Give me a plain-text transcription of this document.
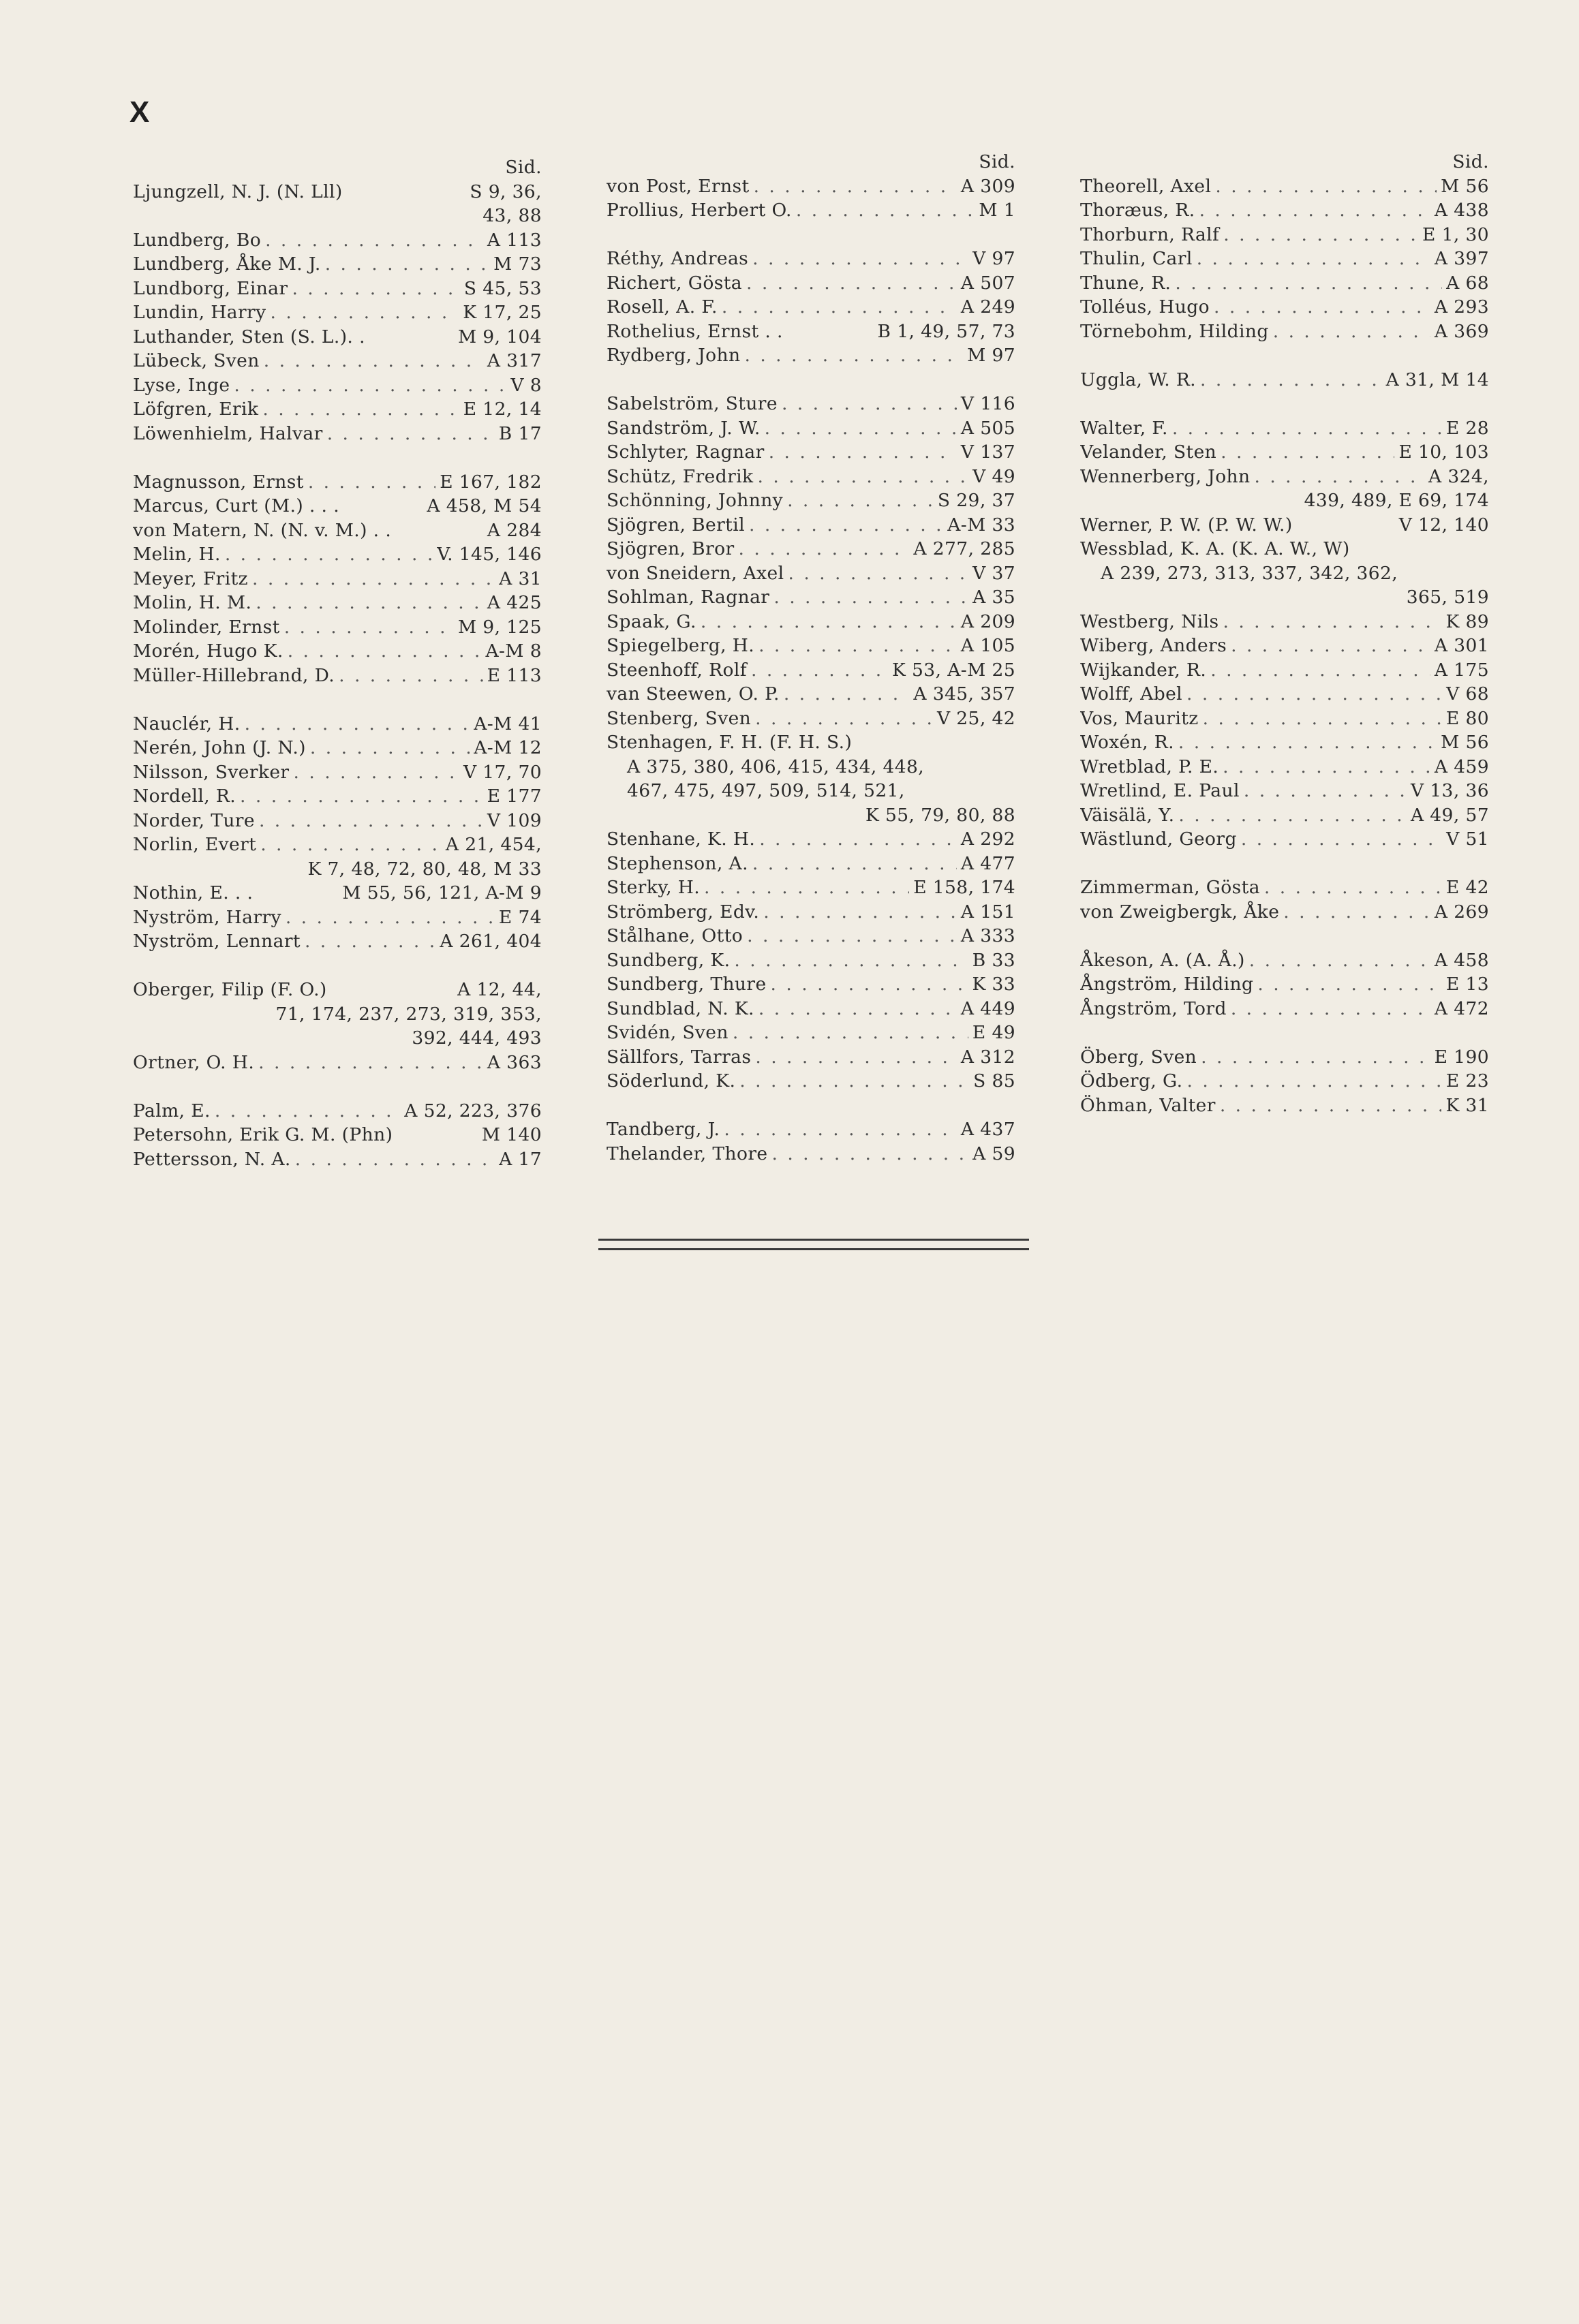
X
Sid.
Ljungzell, N. J. (N. Lll)	S 9, 36,
43, 88
Lundberg, Bo . . .	A 113
Lundberg, Åke M. J. . . .	M 73
Lundborg, Einar . . .	S 45, 53
Lundin, Harry . . .	K 17, 25
Luthander, Sten (S. L.). .	M 9, 104
Lübeck, Sven . . .	A 317
Lyse, Inge . . .	V 8
Löfgren, Erik . . .	E 12, 14
Löwenhielm, Halvar . . .	B 17
Magnusson, Ernst . . .	E 167, 182
Marcus, Curt (M.) . . .	A 458, M 54
von Matern, N. (N. v. M.) . .	A 284
Melin, H. . . .	V. 145, 146
Meyer, Fritz . . .	A 31
Molin, H. M. . . .	A 425
Molinder, Ernst . . .	M 9, 125
Morén, Hugo K. . . .	A-M 8
Müller-Hillebrand, D. . . .	E 113
Nauclér, H. . . .	A-M 41
Nerén, John (J. N.) . . .	A-M 12
Nilsson, Sverker . . .	V 17, 70
Nordell, R. . . .	E 177
Norder, Ture . . .	V 109
Norlin, Evert . . .	A 21, 454,
K 7, 48, 72, 80, 48, M 33
Nothin, E. . .	M 55, 56, 121, A-M 9
Nyström, Harry . . .	E 74
Nyström, Lennart . . .	A 261, 404
Oberger, Filip (F. O.)	A 12, 44,
71, 174, 237, 273, 319, 353,
392, 444, 493
Ortner, O. H. . . .	A 363
Palm, E. . . .	A 52, 223, 376
Petersohn, Erik G. M. (Phn)	M 140
Pettersson, N. A. . . .	A 17
Sid.
von Post, Ernst . . .	A 309
Prollius, Herbert O. . . .	M 1
Réthy, Andreas . . .	V 97
Richert, Gösta . . .	A 507
Rosell, A. F. . . .	A 249
Rothelius, Ernst . .	B 1, 49, 57, 73
Rydberg, John . . .	M 97
Sabelström, Sture . . .	V 116
Sandström, J. W. . . .	A 505
Schlyter, Ragnar . . .	V 137
Schütz, Fredrik . . .	V 49
Schönning, Johnny . . .	S 29, 37
Sjögren, Bertil . . .	A-M 33
Sjögren, Bror . . .	A 277, 285
von Sneidern, Axel . . .	V 37
Sohlman, Ragnar . . .	A 35
Spaak, G. . . .	A 209
Spiegelberg, H. . . .	A 105
Steenhoff, Rolf . . .	K 53, A-M 25
van Steewen, O. P. . . .	A 345, 357
Stenberg, Sven . . .	V 25, 42
Stenhagen, F. H. (F. H. S.)
A 375, 380, 406, 415, 434, 448,
467, 475, 497, 509, 514, 521,
K 55, 79, 80, 88
Stenhane, K. H. . . .	A 292
Stephenson, A. . . .	A 477
Sterky, H. . . .	E 158, 174
Strömberg, Edv. . . .	A 151
Stålhane, Otto . . .	A 333
Sundberg, K. . . .	B 33
Sundberg, Thure . . .	K 33
Sundblad, N. K. . . .	A 449
Svidén, Sven . . .	E 49
Sällfors, Tarras . . .	A 312
Söderlund, K. . . .	S 85
Tandberg, J. . . .	A 437
Thelander, Thore . . .	A 59
Sid.
Theorell, Axel . . .	M 56
Thoræus, R. . . .	A 438
Thorburn, Ralf . . .	E 1, 30
Thulin, Carl . . .	A 397
Thune, R. . . .	A 68
Tolléus, Hugo . . .	A 293
Törnebohm, Hilding . . .	A 369
Uggla, W. R. . . .	A 31, M 14
Walter, F. . . .	E 28
Velander, Sten . . .	E 10, 103
Wennerberg, John . . .	A 324,
439, 489, E 69, 174
Werner, P. W. (P. W. W.)	V 12, 140
Wessblad, K. A. (K. A. W., W)
A 239, 273, 313, 337, 342, 362,
365, 519
Westberg, Nils . . .	K 89
Wiberg, Anders . . .	A 301
Wijkander, R. . . .	A 175
Wolff, Abel . . .	V 68
Vos, Mauritz . . .	E 80
Woxén, R. . . .	M 56
Wretblad, P. E. . . .	A 459
Wretlind, E. Paul . . .	V 13, 36
Väisälä, Y. . . .	A 49, 57
Wästlund, Georg . . .	V 51
Zimmerman, Gösta . . .	E 42
von Zweigbergk, Åke . . .	A 269
Åkeson, A. (A. Å.) . . .	A 458
Ångström, Hilding . . .	E 13
Ångström, Tord . . .	A 472
Öberg, Sven . . .	E 190
Ödberg, G. . . .	E 23
Öhman, Valter . . .	K 31
